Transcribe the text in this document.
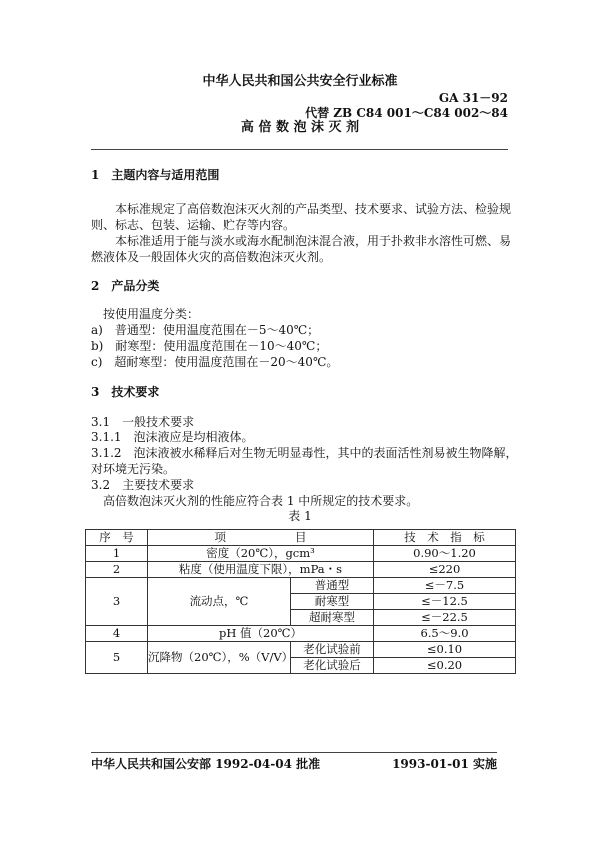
中华人民共和国公共安全行业标准
GA 31－92
代替 ZB C84 001～C84 002～84
高 倍 数 泡 沫 灭 剂
1　主题内容与适用范围
本标准规定了高倍数泡沫灭火剂的产品类型、技术要求、试验方法、检验规
则、标志、包装、运输、贮存等内容。
本标准适用于能与淡水或海水配制泡沫混合液，用于扑救非水溶性可燃、易
燃液体及一般固体火灾的高倍数泡沫灭火剂。
2　产品分类
按使用温度分类：
a)　普通型：使用温度范围在－5～40℃；
b)　耐寒型：使用温度范围在－10～40℃；
c)　超耐寒型：使用温度范围在－20～40℃。
3　技术要求
3.1　一般技术要求
3.1.1　泡沫液应是均相液体。
3.1.2　泡沫液被水稀释后对生物无明显毒性，其中的表面活性剂易被生物降解，
对环境无污染。
3.2　主要技术要求
高倍数泡沫灭火剂的性能应符合表 1 中所规定的技术要求。
表 1
序　号	项　　　　　　目		技　术　指　标
1	密度（20℃），gcm³		0.90～1.20
2	粘度（使用温度下限），mPa・s		≤220
3	流动点，℃	普通型	≤－7.5
		耐寒型	≤－12.5
		超耐寒型	≤－22.5
4	pH 值（20℃）		6.5～9.0
5	沉降物（20℃），%（V/V）	老化试验前	≤0.10
		老化试验后	≤0.20
中华人民共和国公安部 1992-04-04 批准	1993-01-01 实施
